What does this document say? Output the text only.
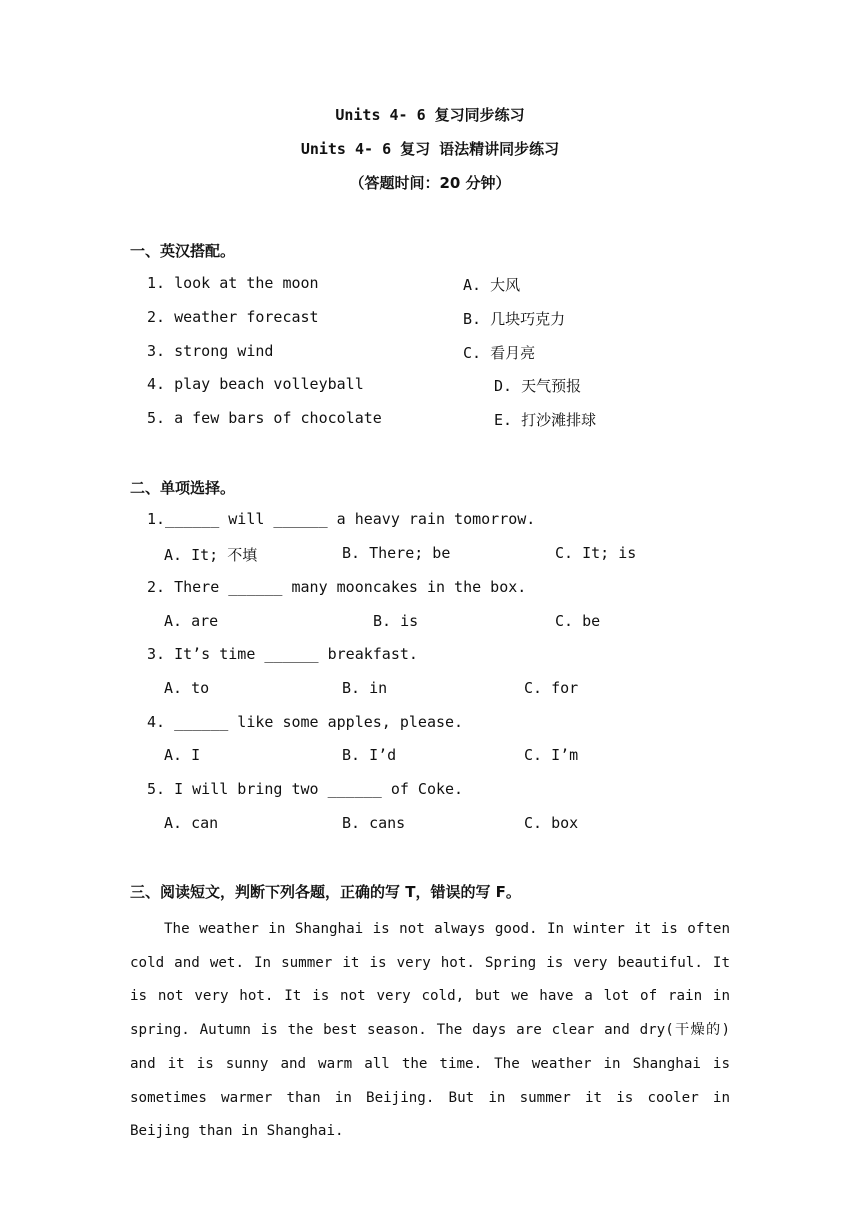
Units 4- 6 复习同步练习
Units 4- 6 复习 语法精讲同步练习
（答题时间：20 分钟）
一、英汉搭配。
1. look at the moon	A. 大风
2. weather forecast	B. 几块巧克力
3. strong wind	C. 看月亮
4. play beach volleyball	D. 天气预报
5. a few bars of chocolate	E. 打沙滩排球
二、单项选择。
1.______ will ______ a heavy rain tomorrow.
A. It; 不填	B. There; be	C. It; is
2. There ______ many mooncakes in the box.
A. are	B. is	C. be
3. It’s time ______ breakfast.
A. to	B. in	C. for
4. ______ like some apples, please.
A. I	B. I’d	C. I’m
5. I will bring two ______ of Coke.
A. can	B. cans	C. box
三、阅读短文，判断下列各题，正确的写 T，错误的写 F。
The weather in Shanghai is not always good. In winter it is often cold and wet. In summer it is very hot. Spring is very beautiful. It is not very hot. It is not very cold, but we have a lot of rain in spring. Autumn is the best season. The days are clear and dry(干燥的) and it is sunny and warm all the time. The weather in Shanghai is sometimes warmer than in Beijing. But in summer it is cooler in Beijing than in Shanghai.
